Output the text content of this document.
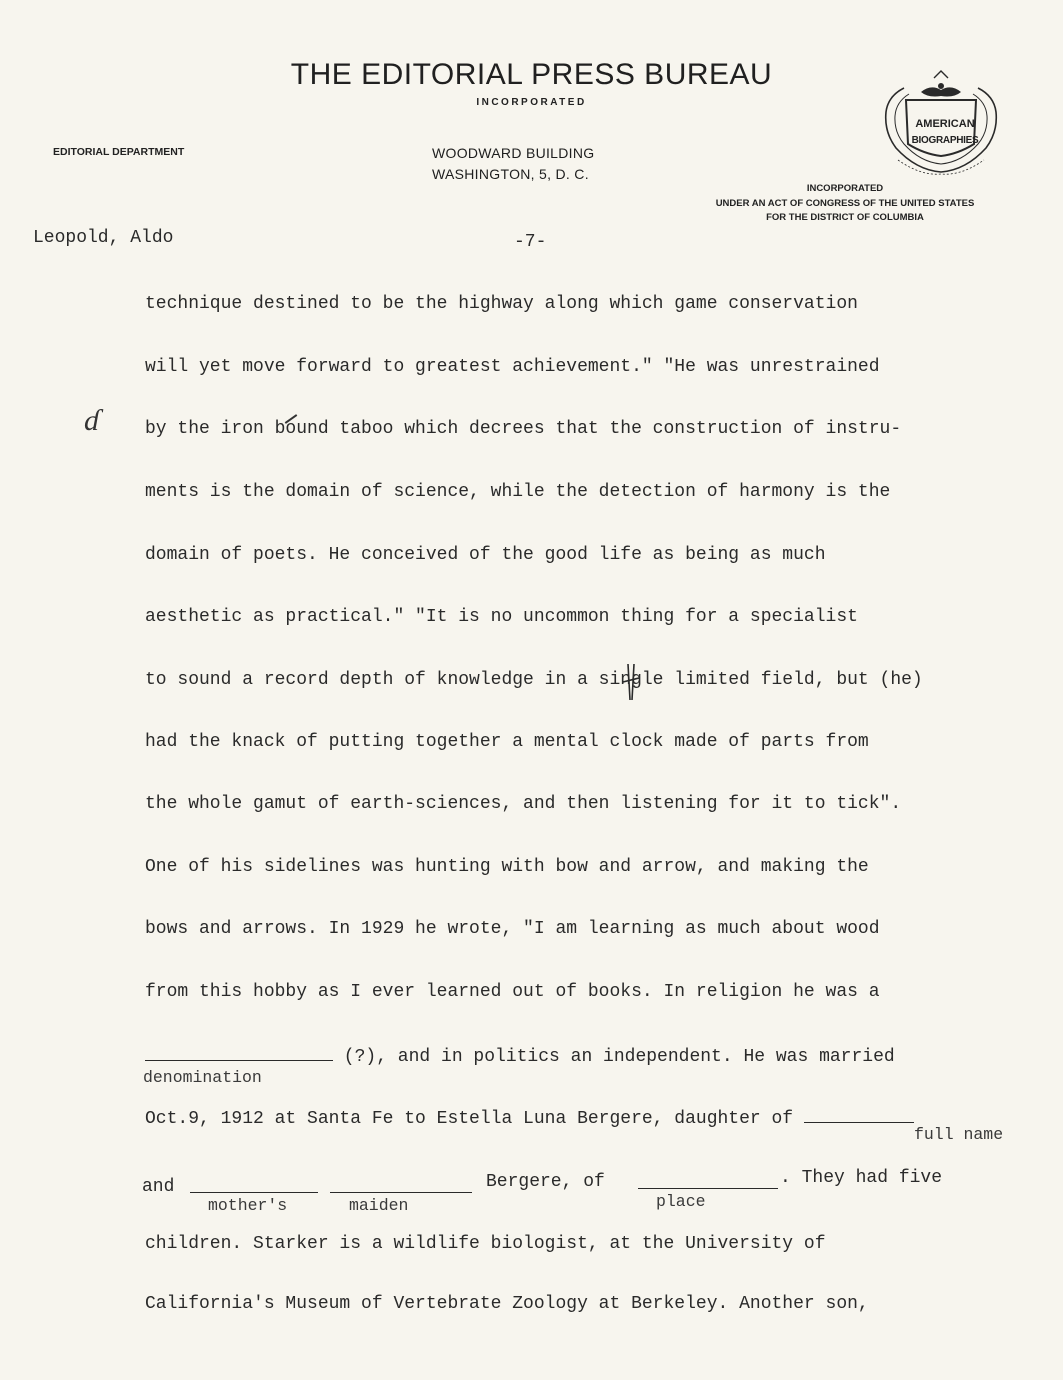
THE EDITORIAL PRESS BUREAU
INCORPORATED
EDITORIAL DEPARTMENT	WOODWARD BUILDING
WASHINGTON, 5, D. C.
INCORPORATED
UNDER AN ACT OF CONGRESS OF THE UNITED STATES
FOR THE DISTRICT OF COLUMBIA
AMERICAN
BIOGRAPHIES
Leopold, Aldo	-7-
ɗ
technique destined to be the highway along which game conservation
will yet move forward to greatest achievement." "He was unrestrained
by the iron bound taboo which decrees that the construction of instru-
ments is the domain of science, while the detection of harmony is the
domain of poets. He conceived of the good life as being as much
aesthetic as practical." "It is no uncommon thing for a specialist
to sound a record depth of knowledge in a single limited field, but (he)
had the knack of putting together a mental clock made of parts from
the whole gamut of earth-sciences, and then listening for it to tick".
One of his sidelines was hunting with bow and arrow, and making the
bows and arrows. In 1929 he wrote, "I am learning as much about wood
from this hobby as I ever learned out of books. In religion he was a
(?), and in politics an independent. He was married
denomination
Oct.9, 1912 at Santa Fe to Estella Luna Bergere, daughter of
full name
and	Bergere, of	. They had five
mother's	maiden	place
children. Starker is a wildlife biologist, at the University of
California's Museum of Vertebrate Zoology at Berkeley. Another son,
